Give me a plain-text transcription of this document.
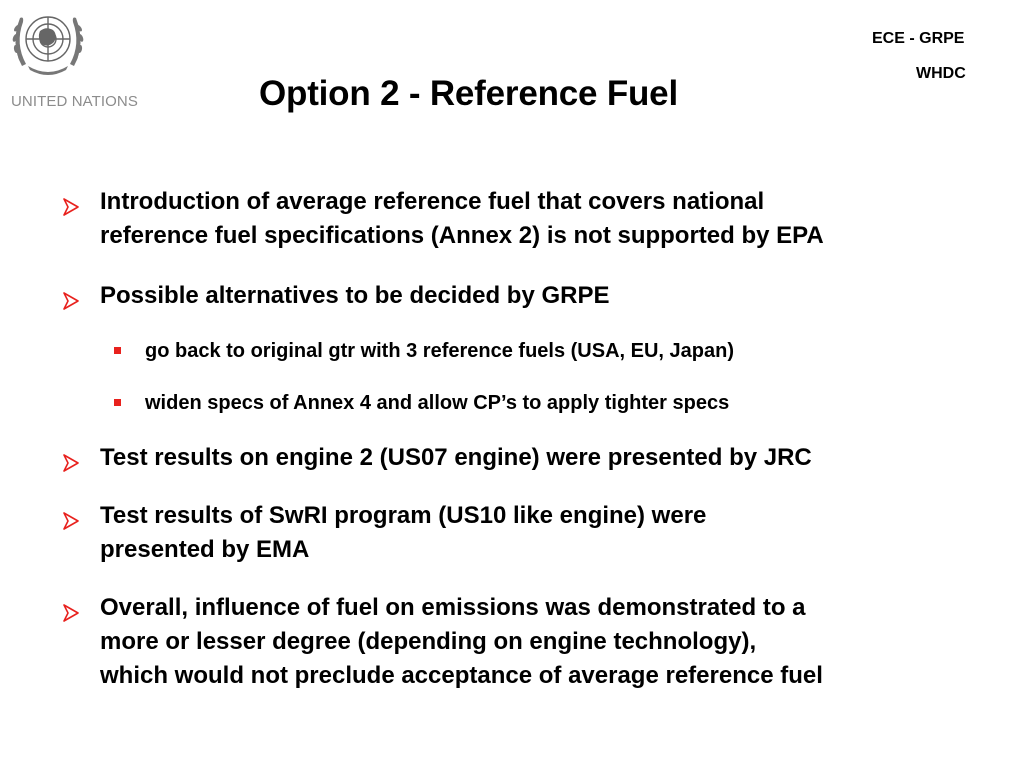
UNITED NATIONS
ECE - GRPE
WHDC
Option 2 - Reference Fuel
Introduction of average reference fuel that covers national
reference fuel specifications (Annex 2) is not supported by EPA
Possible alternatives to be decided by GRPE
go back to original gtr with 3 reference fuels (USA, EU, Japan)
widen specs of Annex 4 and allow CP’s to apply tighter specs
Test results on engine 2 (US07 engine) were presented by JRC
Test results of SwRI program (US10 like engine) were
presented by EMA
Overall, influence of fuel on emissions was demonstrated to a
more or lesser degree (depending on engine technology),
which would not preclude acceptance of average reference fuel
